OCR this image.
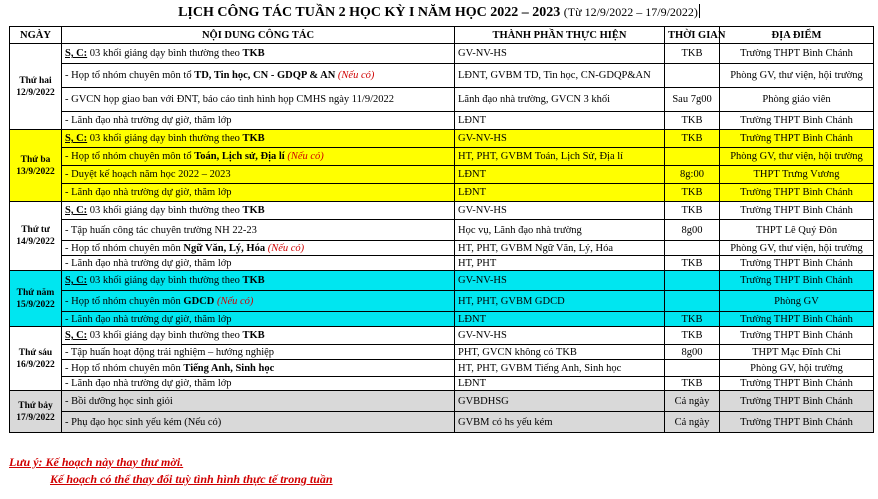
LỊCH CÔNG TÁC TUẦN 2 HỌC KỲ I NĂM HỌC 2022 – 2023 (Từ 12/9/2022 – 17/9/2022)
NGÀY	NỘI DUNG CÔNG TÁC	THÀNH PHẦN THỰC HIỆN	THỜI GIAN	ĐỊA ĐIỂM

Thứ hai
12/9/2022	S, C: 03 khối giảng dạy bình thường theo TKB	GV-NV-HS	TKB	Trường THPT Bình Chánh
	- Họp tổ nhóm chuyên môn tổ TD, Tin học, CN - GDQP & AN (Nếu có)	LĐNT, GVBM TD, Tin học, CN-GDQP&AN		Phòng GV, thư viện, hội trường
	- GVCN họp giao ban với ĐNT, báo cáo tình hình họp CMHS ngày 11/9/2022	Lãnh đạo nhà trường, GVCN 3 khối	Sau 7g00	Phòng giáo viên
	- Lãnh đạo nhà trường dự giờ, thăm lớp	LĐNT	TKB	Trường THPT Bình Chánh

Thứ ba
13/9/2022	S, C: 03 khối giảng dạy bình thường theo TKB	GV-NV-HS	TKB	Trường THPT Bình Chánh
	- Họp tổ nhóm chuyên môn tổ Toán, Lịch sử, Địa lí (Nếu có)	HT, PHT, GVBM Toán, Lịch Sử, Địa lí		Phòng GV, thư viện, hội trường
	- Duyệt kế hoạch năm học 2022 – 2023	LĐNT	8g:00	THPT Trưng Vương
	- Lãnh đạo nhà trường dự giờ, thăm lớp	LĐNT	TKB	Trường THPT Bình Chánh

Thứ tư
14/9/2022	S, C: 03 khối giảng dạy bình thường theo TKB	GV-NV-HS	TKB	Trường THPT Bình Chánh
	- Tập huấn công tác chuyên trường NH 22-23	Học vụ, Lãnh đạo nhà trường	8g00	THPT Lê Quý Đôn
	- Họp tổ nhóm chuyên môn Ngữ Văn, Lý, Hóa (Nếu có)	HT, PHT, GVBM Ngữ Văn, Lý, Hóa		Phòng GV, thư viện, hội trường
	- Lãnh đạo nhà trường dự giờ, thăm lớp	HT, PHT	TKB	Trường THPT Bình Chánh

Thứ năm
15/9/2022	S, C: 03 khối giảng dạy bình thường theo TKB	GV-NV-HS		Trường THPT Bình Chánh
	- Họp tổ nhóm chuyên môn GDCD (Nếu có)	HT, PHT, GVBM GDCD		Phòng GV
	- Lãnh đạo nhà trường dự giờ, thăm lớp	LĐNT	TKB	Trường THPT Bình Chánh

Thứ sáu
16/9/2022	S, C: 03 khối giảng dạy bình thường theo TKB	GV-NV-HS	TKB	Trường THPT Bình Chánh
	- Tập huấn hoạt động trải nghiệm – hướng nghiệp	PHT, GVCN không có TKB	8g00	THPT Mạc Đĩnh Chi
	- Họp tổ nhóm chuyên môn Tiếng Anh, Sinh học	HT, PHT, GVBM Tiếng Anh, Sinh học		Phòng GV, hội trường
	- Lãnh đạo nhà trường dự giờ, thăm lớp	LĐNT	TKB	Trường THPT Bình Chánh

Thứ bảy
17/9/2022	- Bồi dưỡng học sinh giỏi	GVBDHSG	Cả ngày	Trường THPT Bình Chánh
	- Phụ đạo học sinh yếu kém (Nếu có)	GVBM có hs yếu kém	Cả ngày	Trường THPT Bình Chánh
Lưu ý: Kế hoạch này thay thư mời.
Kế hoạch có thể thay đổi tuỳ tình hình thực tế trong tuần
